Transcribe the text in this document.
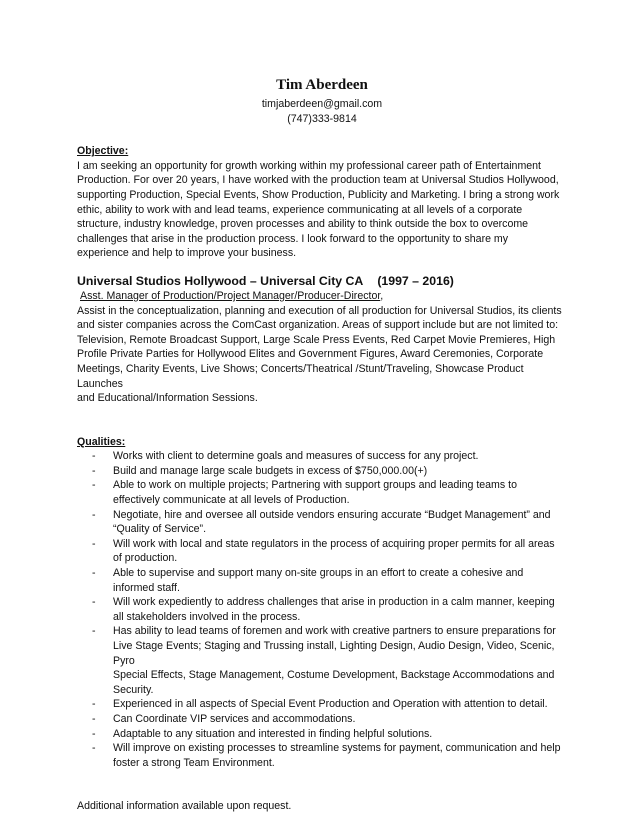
Tim Aberdeen
timjaberdeen@gmail.com
(747)333-9814
Objective:
I am seeking an opportunity for growth working within my professional career path of Entertainment
Production. For over 20 years, I have worked with the production team at Universal Studios Hollywood,
supporting Production, Special Events, Show Production, Publicity and Marketing. I bring a strong work
ethic, ability to work with and lead teams, experience communicating at all levels of a corporate
structure, industry knowledge, proven processes and ability to think outside the box to overcome
challenges that arise in the production process. I look forward to the opportunity to share my
experience and help to improve your business.
Universal Studios Hollywood – Universal City CA (1997 – 2016)
Asst. Manager of Production/Project Manager/Producer-Director,
Assist in the conceptualization, planning and execution of all production for Universal Studios, its clients
and sister companies across the ComCast organization. Areas of support include but are not limited to:
Television, Remote Broadcast Support, Large Scale Press Events, Red Carpet Movie Premieres, High
Profile Private Parties for Hollywood Elites and Government Figures, Award Ceremonies, Corporate
Meetings, Charity Events, Live Shows; Concerts/Theatrical /Stunt/Traveling, Showcase Product Launches
and Educational/Information Sessions.
Qualities:
- Works with client to determine goals and measures of success for any project.
- Build and manage large scale budgets in excess of $750,000.00(+)
- Able to work on multiple projects; Partnering with support groups and leading teams to
effectively communicate at all levels of Production.
- Negotiate, hire and oversee all outside vendors ensuring accurate “Budget Management” and
“Quality of Service”.
- Will work with local and state regulators in the process of acquiring proper permits for all areas
of production.
- Able to supervise and support many on-site groups in an effort to create a cohesive and
informed staff.
- Will work expediently to address challenges that arise in production in a calm manner, keeping
all stakeholders involved in the process.
- Has ability to lead teams of foremen and work with creative partners to ensure preparations for
Live Stage Events; Staging and Trussing install, Lighting Design, Audio Design, Video, Scenic, Pyro
Special Effects, Stage Management, Costume Development, Backstage Accommodations and
Security.
- Experienced in all aspects of Special Event Production and Operation with attention to detail.
- Can Coordinate VIP services and accommodations.
- Adaptable to any situation and interested in finding helpful solutions.
- Will improve on existing processes to streamline systems for payment, communication and help
foster a strong Team Environment.
Additional information available upon request.
